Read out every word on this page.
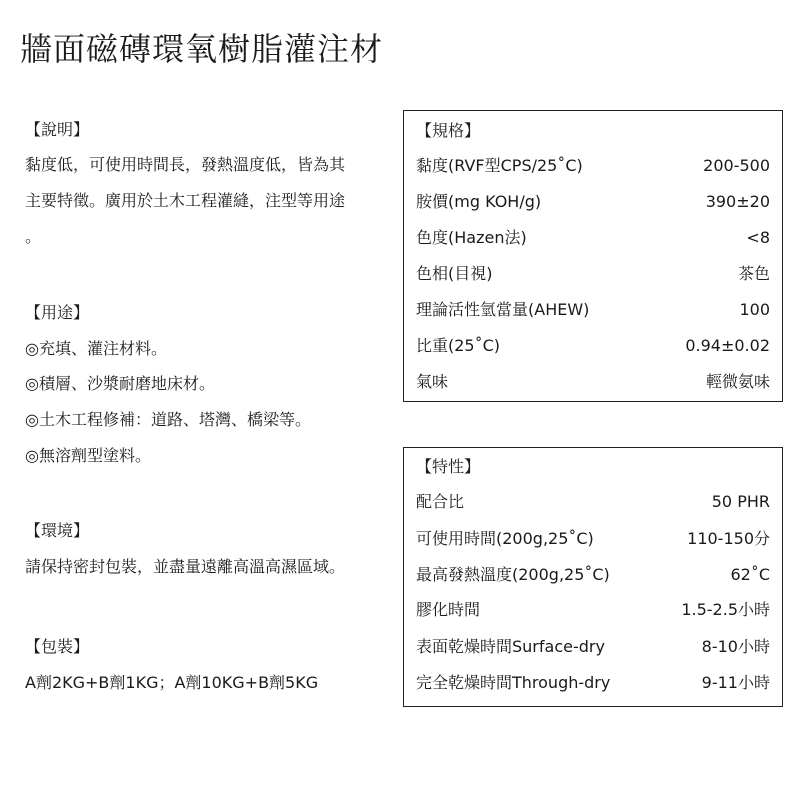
牆面磁磚環氧樹脂灌注材
【說明】
黏度低，可使用時間長，發熱溫度低，皆為其
主要特徵。廣用於土木工程灌縫，注型等用途
。
【用途】
◎充填、灌注材料。
◎積層、沙漿耐磨地床材。
◎土木工程修補：道路、塔灣、橋梁等。
◎無溶劑型塗料。
【環境】
請保持密封包裝，並盡量遠離高溫高濕區域。
【包裝】
A劑2KG+B劑1KG；A劑10KG+B劑5KG
【規格】
黏度(RVF型CPS/25˚C)	200-500
胺價(mg KOH/g)	390±20
色度(Hazen法)	<8
色相(目視)	茶色
理論活性氫當量(AHEW)	100
比重(25˚C)	0.94±0.02
氣味	輕微氨味
【特性】
配合比	50 PHR
可使用時間(200g,25˚C)	110-150分
最高發熱溫度(200g,25˚C)	62˚C
膠化時間	1.5-2.5小時
表面乾燥時間Surface-dry	8-10小時
完全乾燥時間Through-dry	9-11小時
